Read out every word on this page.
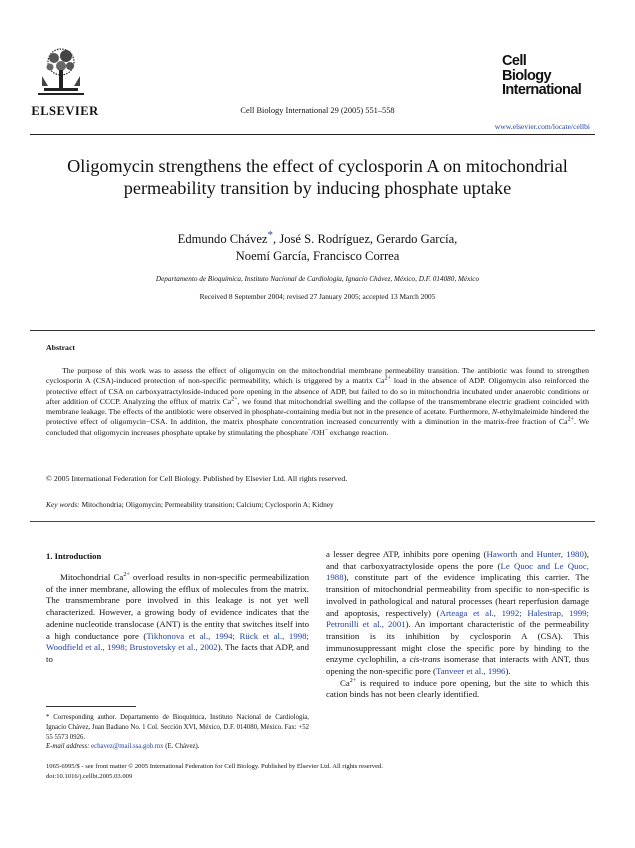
ELSEVIER	Cell Biology International 29 (2005) 551–558
Cell
Biology
International
www.elsevier.com/locate/cellbi
Oligomycin strengthens the effect of cyclosporin A on mitochondrial permeability transition by inducing phosphate uptake
Edmundo Chávez*, José S. Rodríguez, Gerardo García,
Noemí García, Francisco Correa
Departamento de Bioquímica, Instituto Nacional de Cardiología, Ignacio Chávez, México, D.F. 014080, México
Received 8 September 2004; revised 27 January 2005; accepted 13 March 2005
Abstract
The purpose of this work was to assess the effect of oligomycin on the mitochondrial membrane permeability transition. The antibiotic was found to strengthen cyclosporin A (CSA)-induced protection of non-specific permeability, which is triggered by a matrix $Ca^{2+}$ load in the absence of ADP. Oligomycin also reinforced the protective effect of CSA on carboxyatractyloside-induced pore opening in the absence of ADP, but failed to do so in mitochondria incubated under anaerobic conditions or after addition of CCCP. Analyzing the efflux of matrix $Ca^{2+}$, we found that mitochondrial swelling and the collapse of the transmembrane electric gradient coincided with membrane leakage. The effects of the antibiotic were observed in phosphate-containing media but not in the presence of acetate. Furthermore, N-ethylmaleimide hindered the protective effect of oligomycin−CSA. In addition, the matrix phosphate concentration increased concurrently with a diminution in the matrix-free fraction of $Ca^{2+}$. We concluded that oligomycin increases phosphate uptake by stimulating the phosphate−/OH− exchange reaction.
© 2005 International Federation for Cell Biology. Published by Elsevier Ltd. All rights reserved.
Key words: Mitochondria; Oligomycin; Permeability transition; Calcium; Cyclosporin A; Kidney
1. Introduction

Mitochondrial $Ca^{2+}$ overload results in non-specific permeabilization of the inner membrane, allowing the efflux of molecules from the matrix. The transmembrane pore involved in this leakage is not yet well characterized. However, a growing body of evidence indicates that the adenine nucleotide translocase (ANT) is the entity that switches itself into a high conductance pore (Tikhonova et al., 1994; Rück et al., 1998; Woodfield et al., 1998; Brustovetsky et al., 2002). The facts that ADP, and to

a lesser degree ATP, inhibits pore opening (Haworth and Hunter, 1980), and that carboxyatractyloside opens the pore (Le Quoc and Le Quoc, 1988), constitute part of the evidence implicating this carrier. The transition of mitochondrial permeability from specific to non-specific is involved in pathological and natural processes (heart reperfusion damage and apoptosis, respectively) (Arteaga et al., 1992; Halestrap, 1999; Petronilli et al., 2001). An important characteristic of the permeability transition is its inhibition by cyclosporin A (CSA). This immunosuppressant might close the specific pore by binding to the enzyme cyclophilin, a cis-trans isomerase that interacts with ANT, thus opening the non-specific pore (Tanveer et al., 1996).

$Ca^{2+}$ is required to induce pore opening, but the site to which this cation binds has not been clearly identified.

* Corresponding author. Departamento de Bioquímica, Instituto Nacional de Cardiología, Ignacio Chávez, Juan Badiano No. 1 Col. Sección XVI, México, D.F. 014080, México. Fax: +52 55 5573 0926.
E-mail address: echavez@mail.ssa.gob.mx (E. Chávez).
1065-6995/$ - see front matter © 2005 International Federation for Cell Biology. Published by Elsevier Ltd. All rights reserved.
doi:10.1016/j.cellbi.2005.03.009
